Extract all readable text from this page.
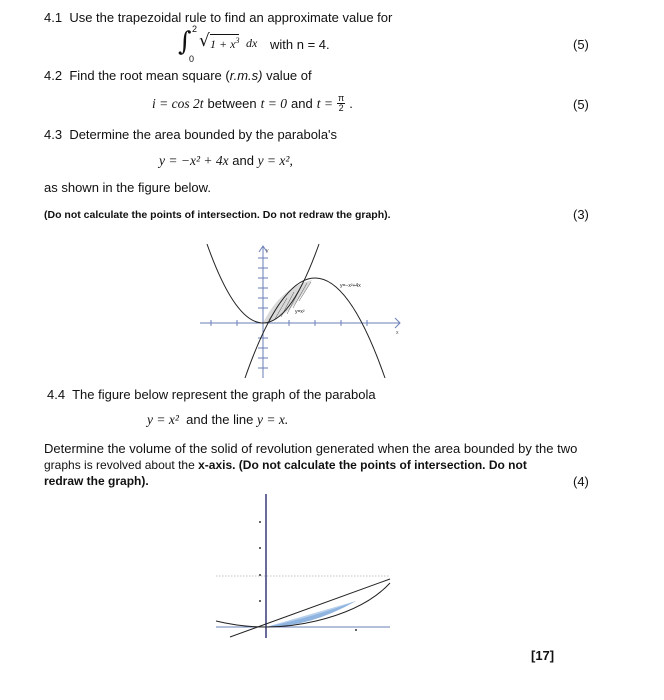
4.1 Use the trapezoidal rule to find an approximate value for
∫ 2
0
√ $1 + x^3$ dx with n = 4.	(5)
4.2 Find the root mean square (r.m.s) value of
i = cos 2t between t = 0 and $t = \frac{\pi}{2}$ .	(5)
4.3 Determine the area bounded by the parabola's
y = −x² + 4x and y = x²,
as shown in the figure below.
(Do not calculate the points of intersection. Do not redraw the graph).	(3)
y=−x²+4x
y=x²
y
x
4.4 The figure below represent the graph of the parabola
y = x² and the line y = x.
Determine the volume of the solid of revolution generated when the area bounded by the two
graphs is revolved about the x-axis. (Do not calculate the points of intersection. Do not
redraw the graph).	(4)
[17]
